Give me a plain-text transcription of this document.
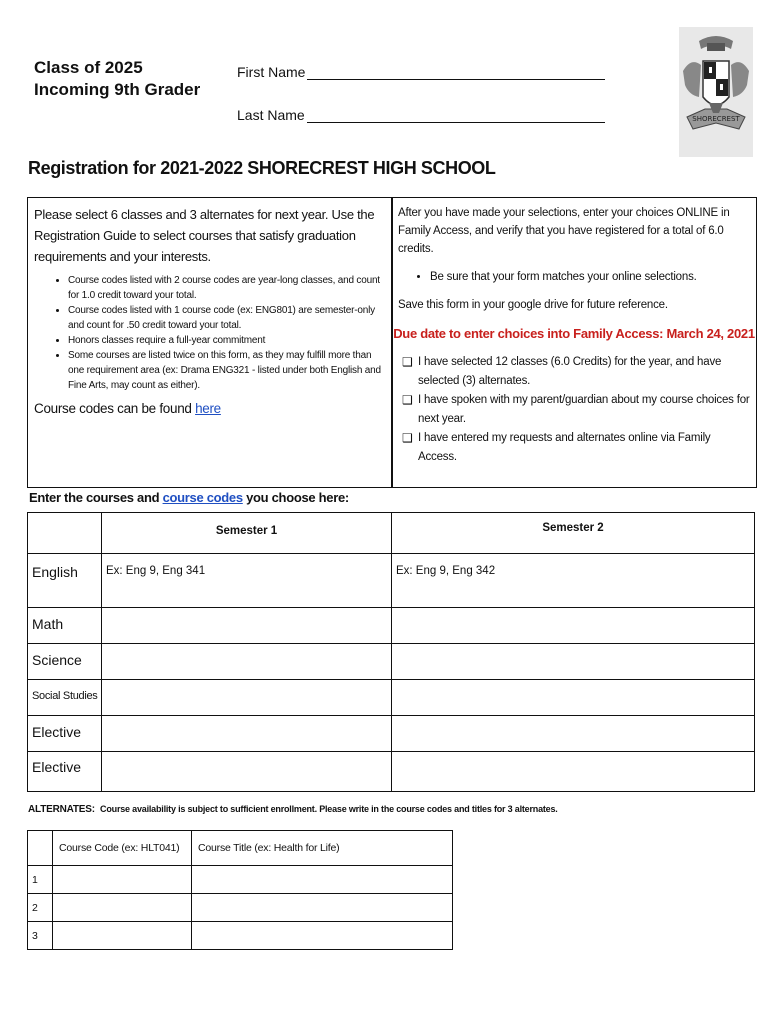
Class of 2025
Incoming 9th Grader
First Name
Last Name	SHORECREST
Registration for 2021-2022 SHORECREST HIGH SCHOOL
Please select 6 classes and 3 alternates for next year. Use the Registration Guide to select courses that satisfy graduation requirements and your interests.
• Course codes listed with 2 course codes are year-long classes, and count for 1.0 credit toward your total.
• Course codes listed with 1 course code (ex: ENG801) are semester-only and count for .50 credit toward your total.
• Honors classes require a full-year commitment
• Some courses are listed twice on this form, as they may fulfill more than one requirement area (ex: Drama ENG321 - listed under both English and Fine Arts, may count as either).
Course codes can be found here
After you have made your selections, enter your choices ONLINE in Family Access, and verify that you have registered for a total of 6.0 credits.
• Be sure that your form matches your online selections.
Save this form in your google drive for future reference.
Due date to enter choices into Family Access: March 24, 2021
❑ I have selected 12 classes (6.0 Credits) for the year, and have selected (3) alternates.
❑ I have spoken with my parent/guardian about my course choices for next year.
❑ I have entered my requests and alternates online via Family Access.
Enter the courses and course codes you choose here:
	Semester 1	Semester 2
English	Ex: Eng 9, Eng 341	Ex: Eng 9, Eng 342
Math		
Science		
Social Studies		
Elective		
Elective		
ALTERNATES: Course availability is subject to sufficient enrollment. Please write in the course codes and titles for 3 alternates.
	Course Code (ex: HLT041)	Course Title (ex: Health for Life)
1		
2		
3		
